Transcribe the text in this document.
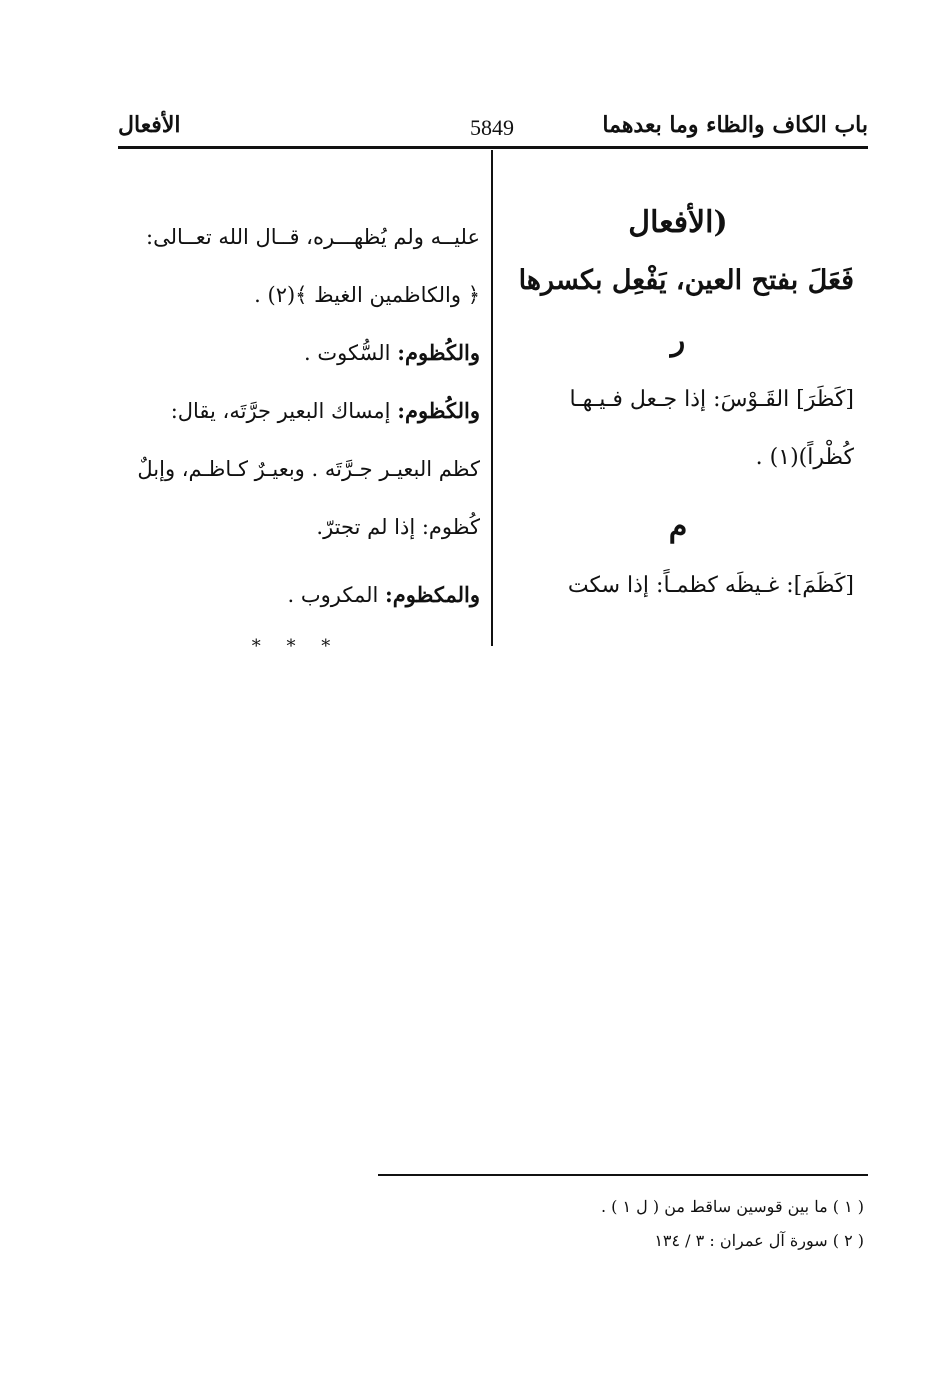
باب الكاف والظاء وما بعدهما
5849
الأفعال

(الأفعال

فَعَلَ بفتح العين، يَفْعِل بكسرها

ر

[كَظَرَ] القَـوْسَ: إذا جـعل فـيـهـا

كُظْراً)(١) .

م

[كَظَمَ]: غـيظَه كظمـاً: إذا سكت

عليــه ولم يُظهـــره، قــال الله تعــالى:

﴿ والكاظمين الغيظ ﴾(٢) .

والكُظوم: السُّكوت .

والكُظوم: إمساك البعير جرَّتَه، يقال:

كظم البعيـر جـرَّتَه . وبعيـرٌ كـاظـم، وإبلٌ

كُظوم: إذا لم تجترّ.

والمكظوم: المكروب .

* * *
( ١ ) ما بين قوسين ساقط من ( ل ١ ) .
( ٢ ) سورة آل عمران : ٣ / ١٣٤
